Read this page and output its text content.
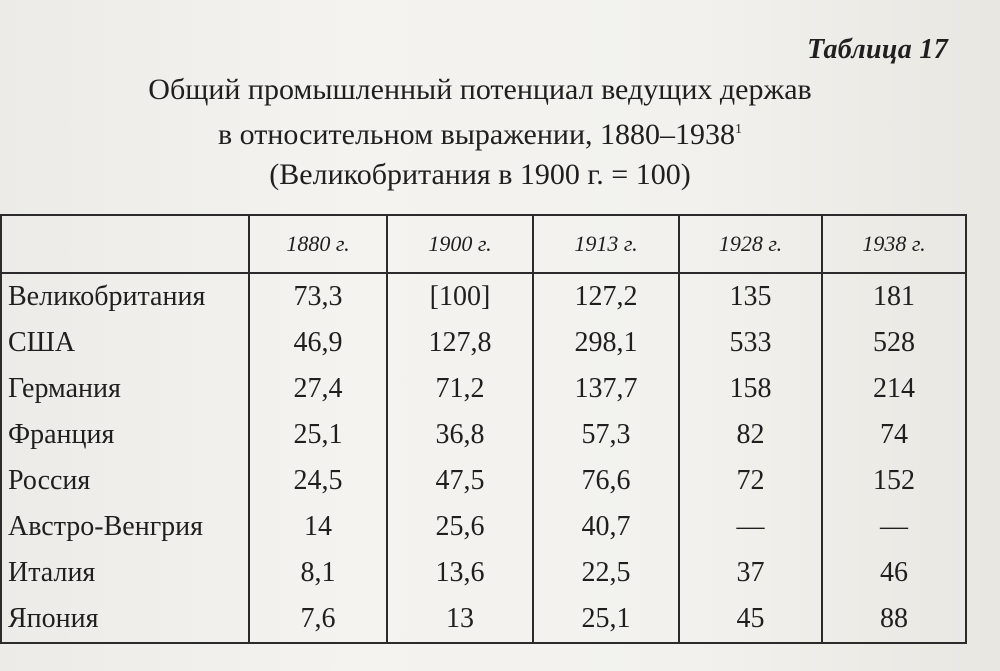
Таблица 17
Общий промышленный потенциал ведущих держав
в относительном выражении, 1880–1938$^1$
(Великобритания в 1900 г. = 100)
	1880 г.	1900 г.	1913 г.	1928 г.	1938 г.
Великобритания	73,3	[100]	127,2	135	181
США	46,9	127,8	298,1	533	528
Германия	27,4	71,2	137,7	158	214
Франция	25,1	36,8	57,3	82	74
Россия	24,5	47,5	76,6	72	152
Австро-Венгрия	14	25,6	40,7	—	—
Италия	8,1	13,6	22,5	37	46
Япония	7,6	13	25,1	45	88
